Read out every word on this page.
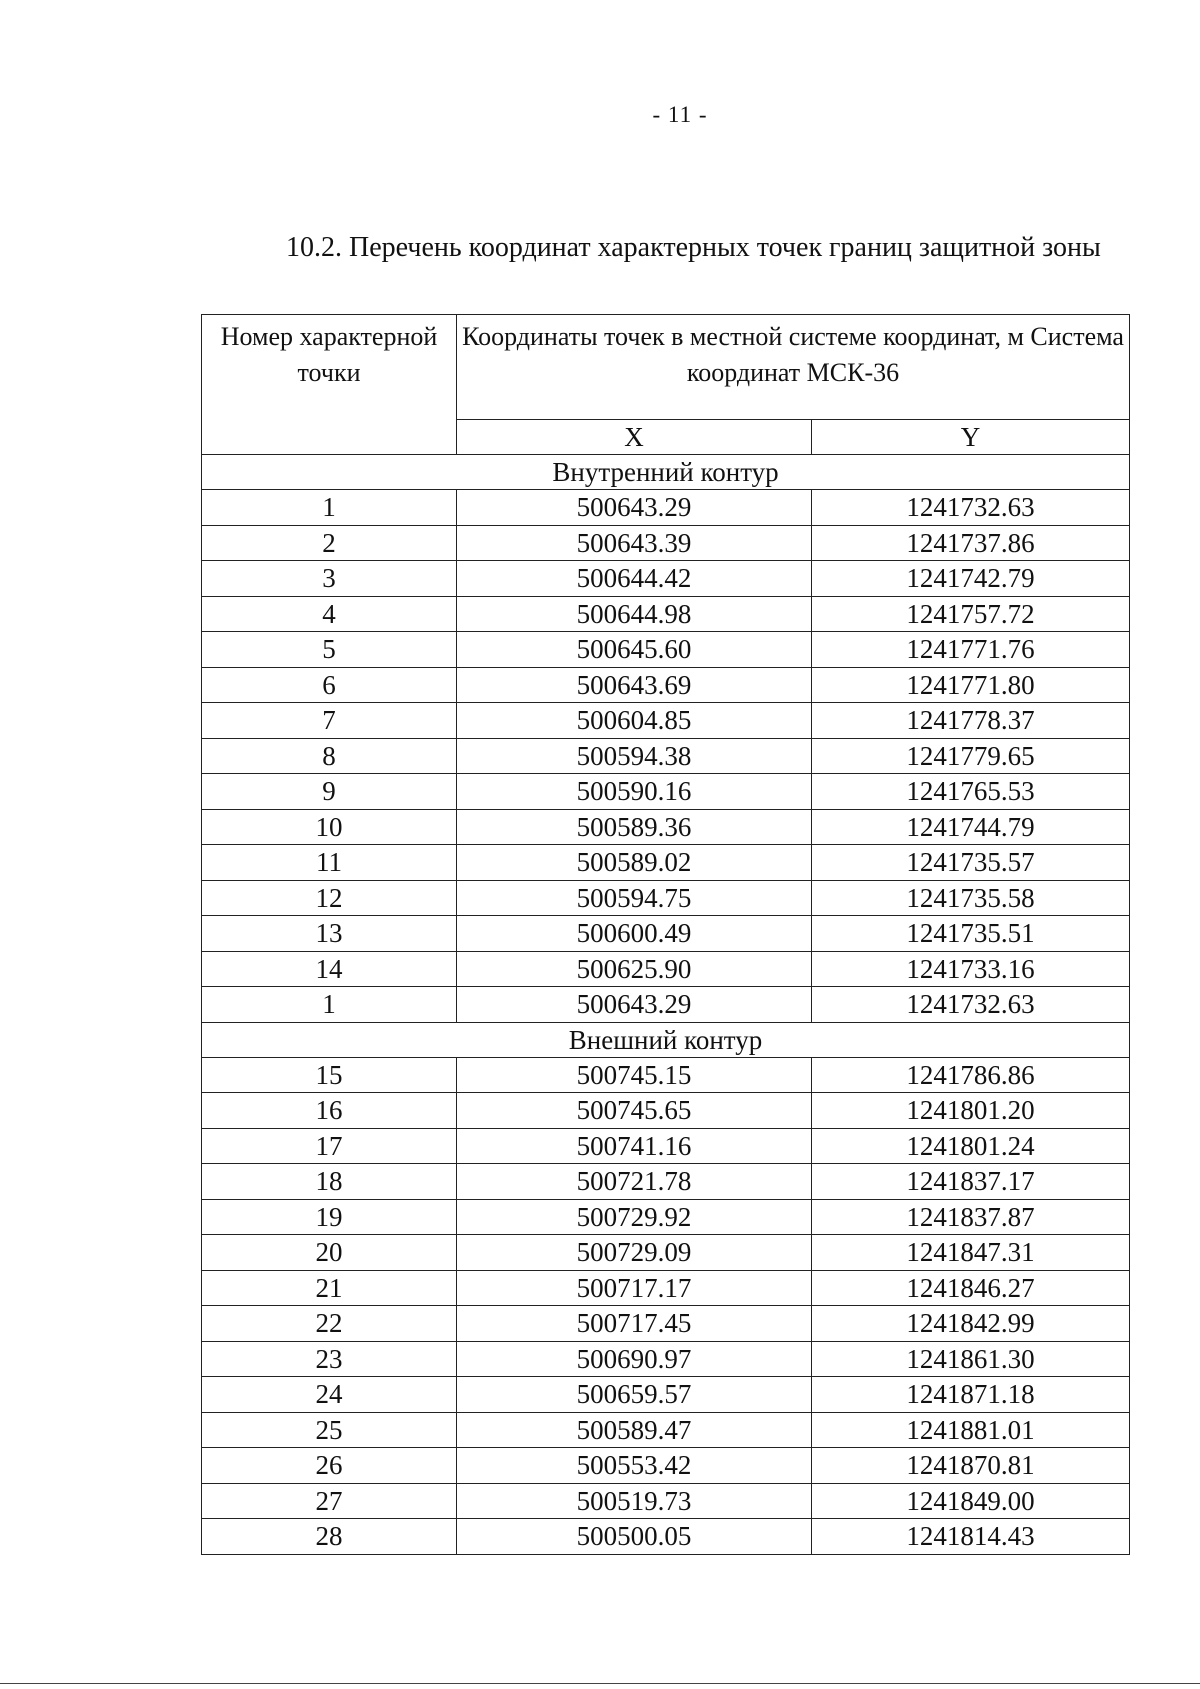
- 11 -
10.2. Перечень координат характерных точек границ защитной зоны
Номер характерной точки	Координаты точек в местной системе координат, м Система координат МСК-36	
	X	Y
Внутренний контур		
1	500643.29	1241732.63
2	500643.39	1241737.86
3	500644.42	1241742.79
4	500644.98	1241757.72
5	500645.60	1241771.76
6	500643.69	1241771.80
7	500604.85	1241778.37
8	500594.38	1241779.65
9	500590.16	1241765.53
10	500589.36	1241744.79
11	500589.02	1241735.57
12	500594.75	1241735.58
13	500600.49	1241735.51
14	500625.90	1241733.16
1	500643.29	1241732.63
Внешний контур		
15	500745.15	1241786.86
16	500745.65	1241801.20
17	500741.16	1241801.24
18	500721.78	1241837.17
19	500729.92	1241837.87
20	500729.09	1241847.31
21	500717.17	1241846.27
22	500717.45	1241842.99
23	500690.97	1241861.30
24	500659.57	1241871.18
25	500589.47	1241881.01
26	500553.42	1241870.81
27	500519.73	1241849.00
28	500500.05	1241814.43
